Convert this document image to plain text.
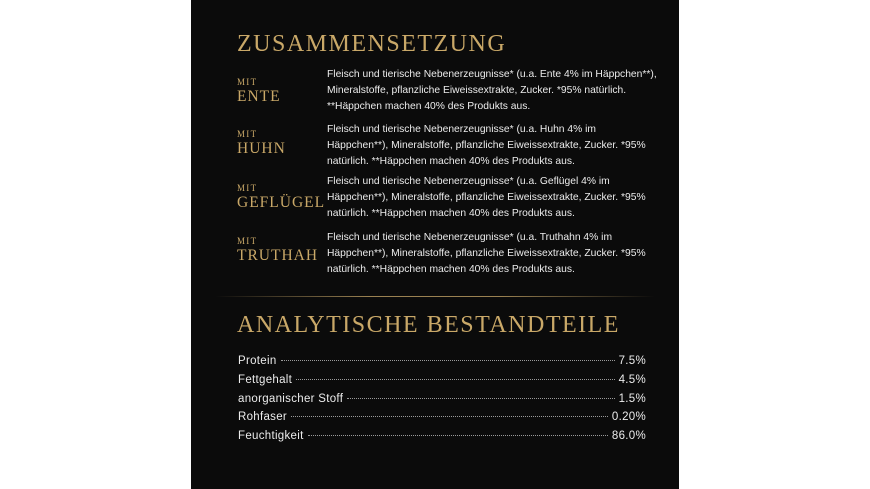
ZUSAMMENSETZUNG
MIT
ENTE
Fleisch und tierische Nebenerzeugnisse* (u.a. Ente 4% im Häppchen**), Mineralstoffe, pflanzliche Eiweissextrakte, Zucker. *95% natürlich. **Häppchen machen 40% des Produkts aus.
MIT
HUHN
Fleisch und tierische Nebenerzeugnisse* (u.a. Huhn 4% im Häppchen**), Mineralstoffe, pflanzliche Eiweissextrakte, Zucker. *95% natürlich. **Häppchen machen 40% des Produkts aus.
MIT
GEFLÜGEL
Fleisch und tierische Nebenerzeugnisse* (u.a. Geflügel 4% im Häppchen**), Mineralstoffe, pflanzliche Eiweissextrakte, Zucker. *95% natürlich. **Häppchen machen 40% des Produkts aus.
MIT
TRUTHAH
Fleisch und tierische Nebenerzeugnisse* (u.a. Truthahn 4% im Häppchen**), Mineralstoffe, pflanzliche Eiweissextrakte, Zucker. *95% natürlich. **Häppchen machen 40% des Produkts aus.
ANALYTISCHE BESTANDTEILE
Protein	7.5%
Fettgehalt	4.5%
anorganischer Stoff	1.5%
Rohfaser	0.20%
Feuchtigkeit	86.0%
